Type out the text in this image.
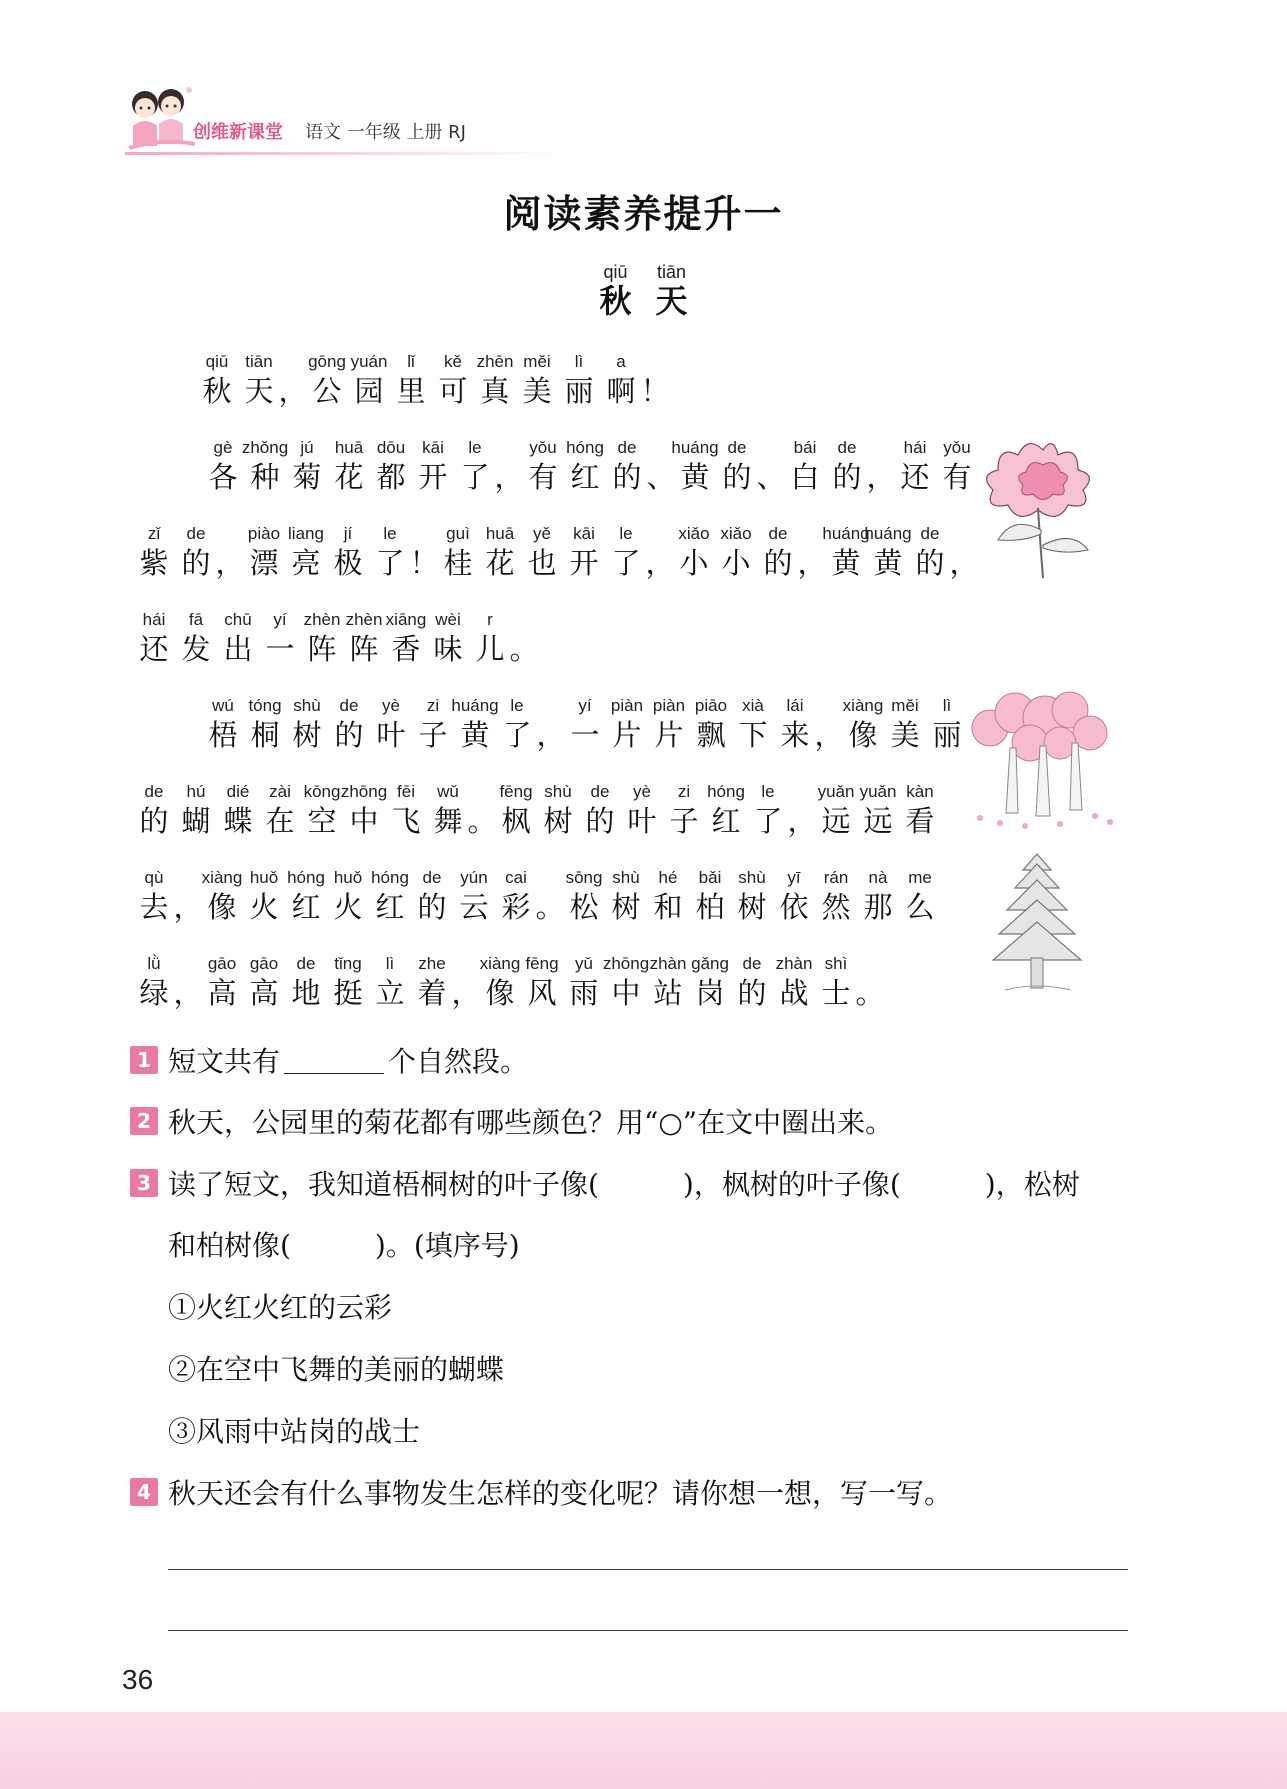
创维新课堂 语文 一年级 上册 RJ
阅读素养提升一
qiū
秋
tiān
天
qiū
秋
tiān
天 ，
gōng
公
yuán
园
lǐ
里
kě
可
zhēn
真
měi
美
lì
丽
a
啊 ！
gè
各
zhǒng
种
jú
菊
huā
花
dōu
都
kāi
开
le
了 ，
yǒu
有
hóng
红
de
的 、
huáng
黄
de
的 、
bái
白
de
的 ，
hái
还
yǒu
有
zǐ
紫
de
的 ，
piào
漂
liang
亮
jí
极
le
了 ！
guì
桂
huā
花
yě
也
kāi
开
le
了 ，
xiǎo
小
xiǎo
小
de
的 ，
huáng
黄
huáng
黄
de
的 ，
hái
还
fā
发
chū
出
yí
一
zhèn
阵
zhèn
阵
xiāng
香
wèi
味
r
儿 。
wú
梧
tóng
桐
shù
树
de
的
yè
叶
zi
子
huáng
黄
le
了 ，
yí
一
piàn
片
piàn
片
piāo
飘
xià
下
lái
来 ，
xiàng
像
měi
美
lì
丽
de
的
hú
蝴
dié
蝶
zài
在
kōng
空
zhōng
中
fēi
飞
wǔ
舞 。
fēng
枫
shù
树
de
的
yè
叶
zi
子
hóng
红
le
了 ，
yuǎn
远
yuǎn
远
kàn
看
qù
去 ，
xiàng
像
huǒ
火
hóng
红
huǒ
火
hóng
红
de
的
yún
云
cai
彩 。
sōng
松
shù
树
hé
和
bǎi
柏
shù
树
yī
依
rán
然
nà
那
me
么
lǜ
绿 ，
gāo
高
gāo
高
de
地
tǐng
挺
lì
立
zhe
着 ，
xiàng
像
fēng
风
yǔ
雨
zhōng
中
zhàn
站
gǎng
岗
de
的
zhàn
战
shì
士 。
1 短文共有	个自然段。
2 秋天，公园里的菊花都有哪些颜色？用“○”在文中圈出来。
3 读了短文，我知道梧桐树的叶子像(　　　)，枫树的叶子像(　　　)，松树
和柏树像(　　　)。(填序号)
①火红火红的云彩
②在空中飞舞的美丽的蝴蝶
③风雨中站岗的战士
4 秋天还会有什么事物发生怎样的变化呢？请你想一想，写一写。
36
